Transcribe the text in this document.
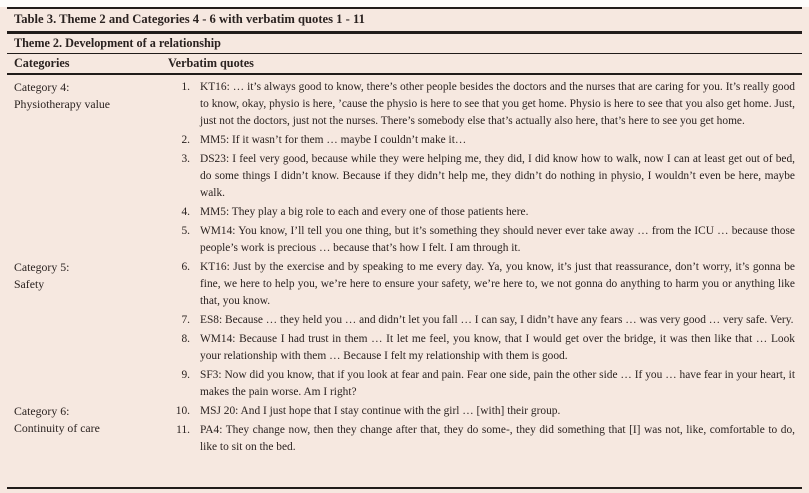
Table 3. Theme 2 and Categories 4 - 6 with verbatim quotes 1 - 11
Theme 2. Development of a relationship
Categories	Verbatim quotes
Category 4:
Physiotherapy value
1. KT16: … it’s always good to know, there’s other people besides the doctors and the nurses that are caring for you. It’s really good to know, okay, physio is here, ’cause the physio is here to see that you get home. Physio is here to see that you also get home. Just, just not the doctors, just not the nurses. There’s somebody else that’s actually also here, that’s here to see you get home.
2. MM5: If it wasn’t for them … maybe I couldn’t make it…
3. DS23: I feel very good, because while they were helping me, they did, I did know how to walk, now I can at least get out of bed, do some things I didn’t know. Because if they didn’t help me, they didn’t do nothing in physio, I wouldn’t even be here, maybe walk.
4. MM5: They play a big role to each and every one of those patients here.
5. WM14: You know, I’ll tell you one thing, but it’s something they should never ever take away … from the ICU … because those people’s work is precious … because that’s how I felt. I am through it.
Category 5:
Safety
6. KT16: Just by the exercise and by speaking to me every day. Ya, you know, it’s just that reassurance, don’t worry, it’s gonna be fine, we here to help you, we’re here to ensure your safety, we’re here to, we not gonna do anything to harm you or anything like that, you know.
7. ES8: Because … they held you … and didn’t let you fall … I can say, I didn’t have any fears … was very good … very safe. Very.
8. WM14: Because I had trust in them … It let me feel, you know, that I would get over the bridge, it was then like that … Look your relationship with them … Because I felt my relationship with them is good.
9. SF3: Now did you know, that if you look at fear and pain. Fear one side, pain the other side … If you … have fear in your heart, it makes the pain worse. Am I right?
Category 6:
Continuity of care
10. MSJ 20: And I just hope that I stay continue with the girl … [with] their group.
11. PA4: They change now, then they change after that, they do some-, they did something that [I] was not, like, comfortable to do, like to sit on the bed.
